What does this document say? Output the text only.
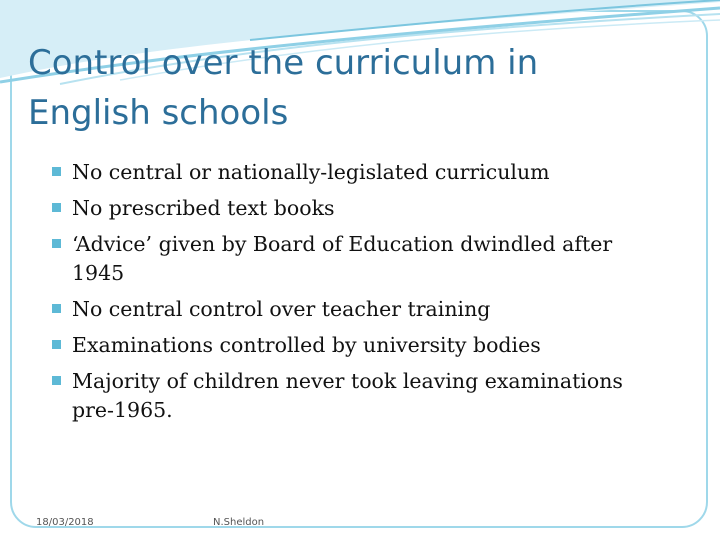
Control over the curriculum in
English schools
No central or nationally-legislated curriculum
No prescribed text books
‘Advice’ given by Board of Education dwindled after
1945
No central control over teacher training
Examinations controlled by university bodies
Majority of children never took leaving examinations
pre-1965.
18/03/2018	N.Sheldon
